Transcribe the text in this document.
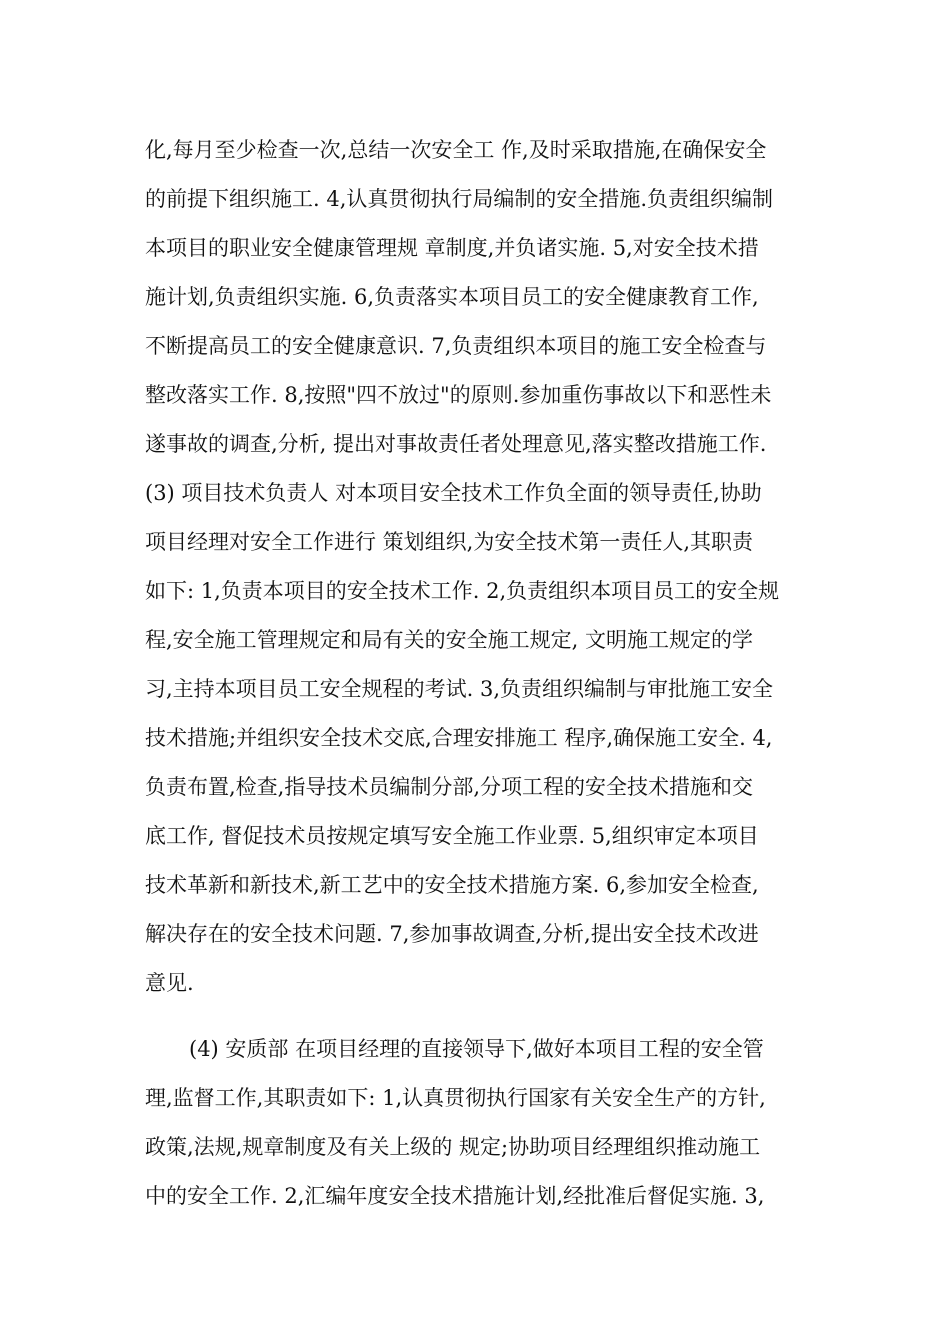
化,每月至少检查一次,总结一次安全工 作,及时采取措施,在确保安全
的前提下组织施工. 4,认真贯彻执行局编制的安全措施.负责组织编制
本项目的职业安全健康管理规 章制度,并负诸实施. 5,对安全技术措
施计划,负责组织实施. 6,负责落实本项目员工的安全健康教育工作,
不断提高员工的安全健康意识. 7,负责组织本项目的施工安全检查与
整改落实工作. 8,按照"四不放过"的原则.参加重伤事故以下和恶性未
遂事故的调查,分析, 提出对事故责任者处理意见,落实整改措施工作.
(3) 项目技术负责人 对本项目安全技术工作负全面的领导责任,协助
项目经理对安全工作进行 策划组织,为安全技术第一责任人,其职责
如下: 1,负责本项目的安全技术工作. 2,负责组织本项目员工的安全规
程,安全施工管理规定和局有关的安全施工规定, 文明施工规定的学
习,主持本项目员工安全规程的考试. 3,负责组织编制与审批施工安全
技术措施;并组织安全技术交底,合理安排施工 程序,确保施工安全. 4,
负责布置,检查,指导技术员编制分部,分项工程的安全技术措施和交
底工作, 督促技术员按规定填写安全施工作业票. 5,组织审定本项目
技术革新和新技术,新工艺中的安全技术措施方案. 6,参加安全检查,
解决存在的安全技术问题. 7,参加事故调查,分析,提出安全技术改进
意见.
(4) 安质部 在项目经理的直接领导下,做好本项目工程的安全管
理,监督工作,其职责如下: 1,认真贯彻执行国家有关安全生产的方针,
政策,法规,规章制度及有关上级的 规定;协助项目经理组织推动施工
中的安全工作. 2,汇编年度安全技术措施计划,经批准后督促实施. 3,
